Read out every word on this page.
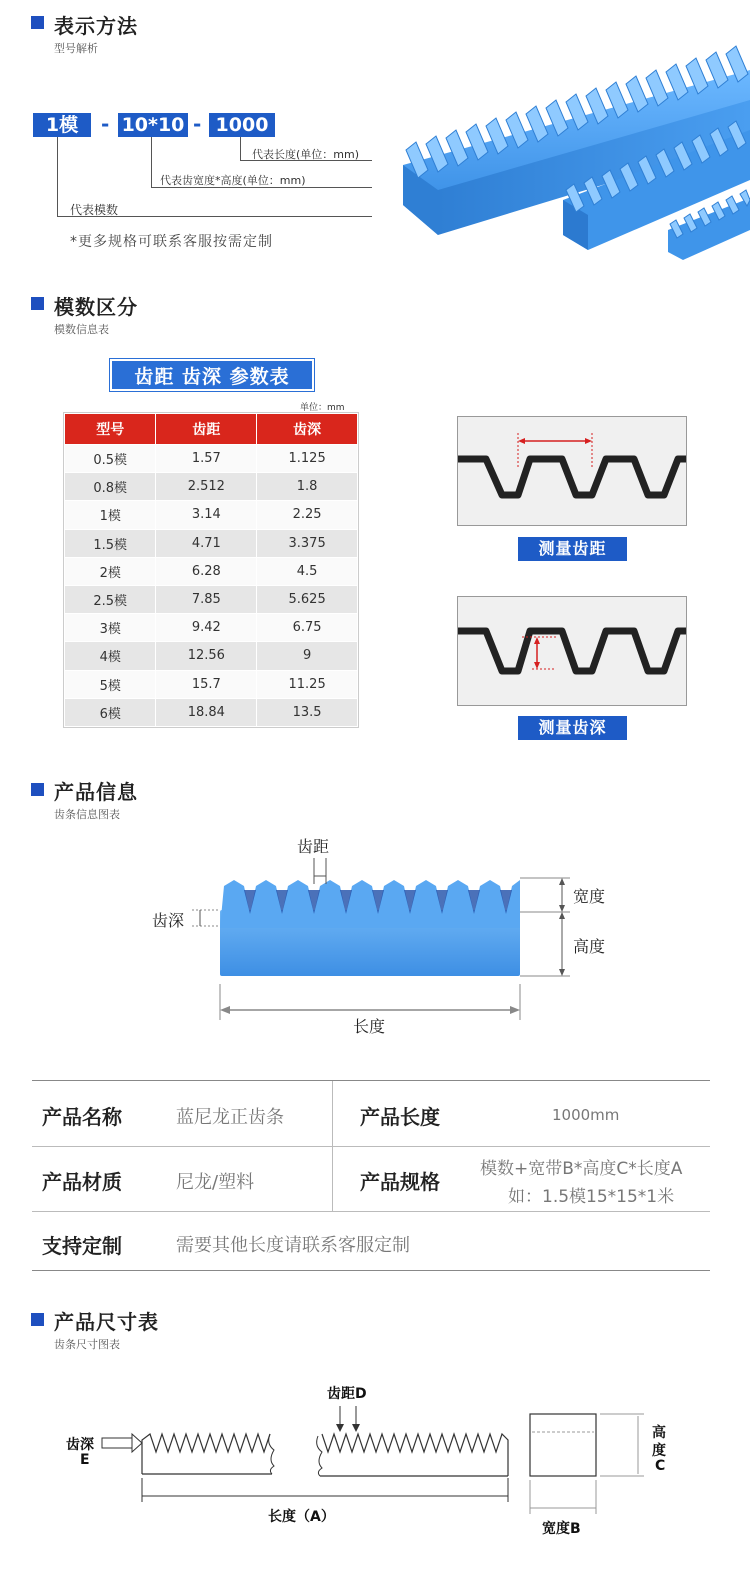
表示方法
型号解析
1模	- 10*10 - 1000
代表长度(单位：mm)
代表齿宽度*高度(单位：mm)
代表模数
*更多规格可联系客服按需定制
模数区分
模数信息表
齿距 齿深 参数表
单位：mm
型号	齿距	齿深
0.5模	1.57	1.125
0.8模	2.512	1.8
1模	3.14	2.25
1.5模	4.71	3.375
2模	6.28	4.5
2.5模	7.85	5.625
3模	9.42	6.75
4模	12.56	9
5模	15.7	11.25
6模	18.84	13.5
测量齿距
测量齿深
产品信息
齿条信息图表
齿距
齿深
宽度
高度
长度
产品名称	蓝尼龙正齿条	产品长度	1000mm
产品材质	尼龙/塑料	产品规格
模数+宽带B*高度C*长度A
如：1.5模15*15*1米
支持定制	需要其他长度请联系客服定制
产品尺寸表
齿条尺寸图表
齿距D
齿深
E
长度（A）
宽度B
高
度
C
